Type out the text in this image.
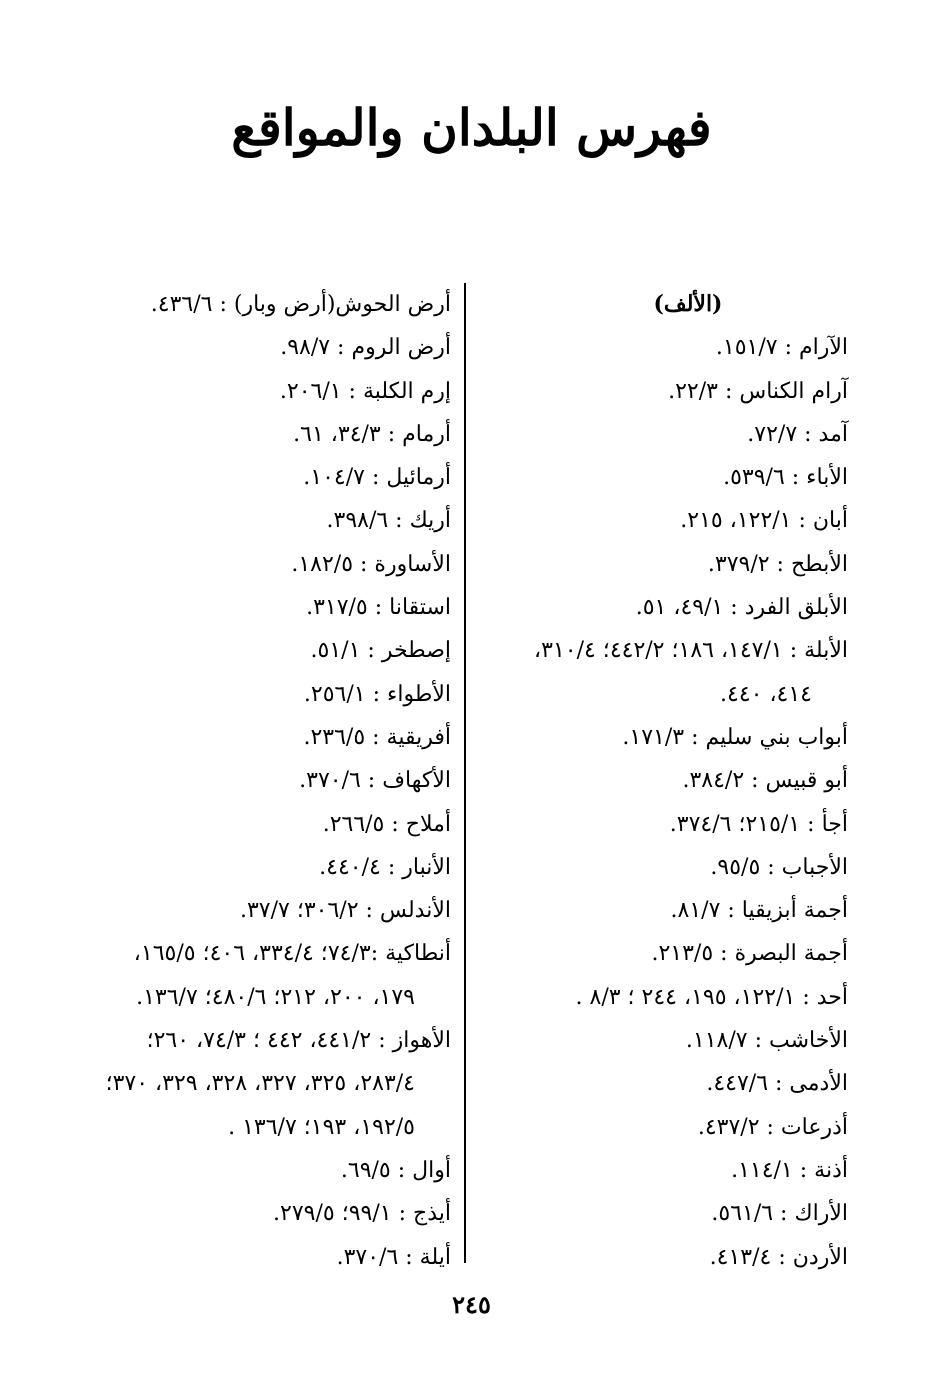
فهرس البلدان والمواقع
(الألف)
الآرام : ١٥١/٧.
آرام الكناس : ٢٢/٣.
آمد : ٧٢/٧.
الأباء : ٥٣٩/٦.
أبان : ١٢٢/١، ٢١٥.
الأبطح : ٣٧٩/٢.
الأبلق الفرد : ٤٩/١، ٥١.
الأبلة : ١٤٧/١، ١٨٦؛ ٤٤٢/٢؛ ٣١٠/٤،
٤١٤، ٤٤٠.
أبواب بني سليم : ١٧١/٣.
أبو قبيس : ٣٨٤/٢.
أجأ : ٢١٥/١؛ ٣٧٤/٦.
الأجباب : ٩٥/٥.
أجمة أبزيقيا : ٨١/٧.
أجمة البصرة : ٢١٣/٥.
أحد : ١٢٢/١، ١٩٥، ٢٤٤ ؛ ٨/٣ .
الأخاشب : ١١٨/٧.
الأدمى : ٤٤٧/٦.
أذرعات : ٤٣٧/٢.
أذنة : ١١٤/١.
الأراك : ٥٦١/٦.
الأردن : ٤١٣/٤.
أرض الحوش(أرض وبار) : ٤٣٦/٦.
أرض الروم : ٩٨/٧.
إرم الكلبة : ٢٠٦/١.
أرمام : ٣٤/٣، ٦١.
أرمائيل : ١٠٤/٧.
أريك : ٣٩٨/٦.
الأساورة : ١٨٢/٥.
استقانا : ٣١٧/٥.
إصطخر : ٥١/١.
الأطواء : ٢٥٦/١.
أفريقية : ٢٣٦/٥.
الأكهاف : ٣٧٠/٦.
أملاح : ٢٦٦/٥.
الأنبار : ٤٤٠/٤.
الأندلس : ٣٠٦/٢؛ ٣٧/٧.
أنطاكية :٧٤/٣؛ ٣٣٤/٤، ٤٠٦؛ ١٦٥/٥،
١٧٩، ٢٠٠، ٢١٢؛ ٤٨٠/٦؛ ١٣٦/٧.
الأهواز : ٤٤١/٢، ٤٤٢ ؛ ٧٤/٣، ٢٦٠؛
٢٨٣/٤، ٣٢٥، ٣٢٧، ٣٢٨، ٣٢٩، ٣٧٠؛
١٩٢/٥، ١٩٣؛ ١٣٦/٧ .
أوال : ٦٩/٥.
أيذج : ٩٩/١؛ ٢٧٩/٥.
أيلة : ٣٧٠/٦.
٢٤٥
